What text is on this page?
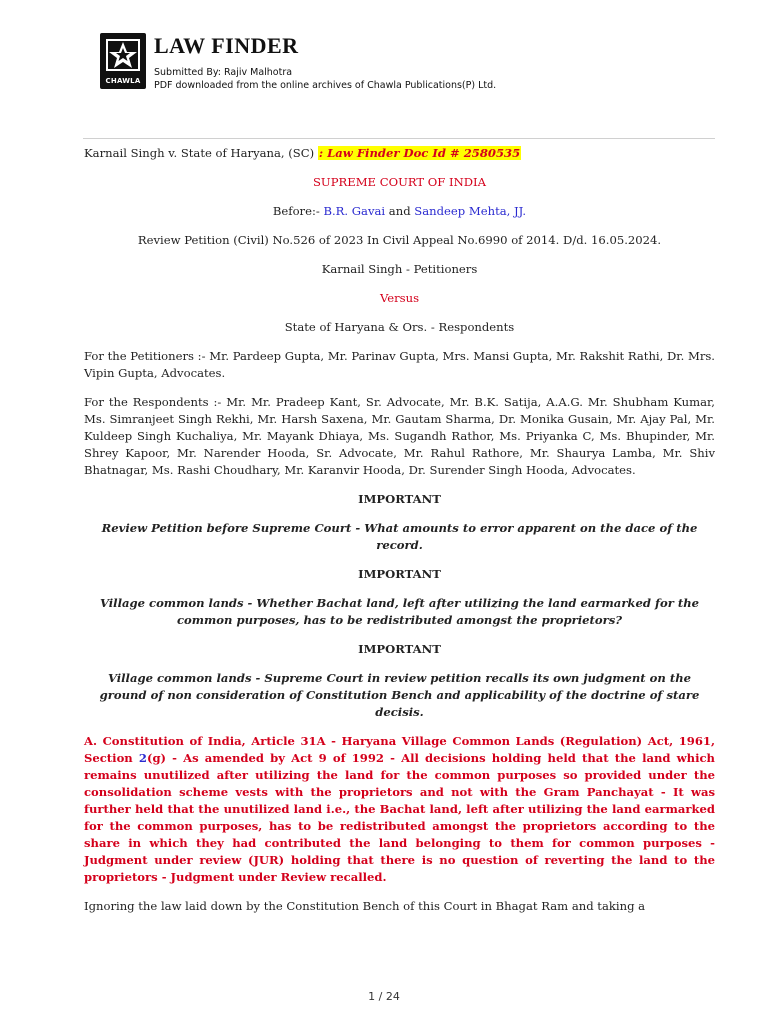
CHAWLA
LAW FINDER
Submitted By: Rajiv Malhotra
PDF downloaded from the online archives of Chawla Publications(P) Ltd.

Karnail Singh v. State of Haryana, (SC) : Law Finder Doc Id # 2580535

SUPREME COURT OF INDIA

Before:- B.R. Gavai and Sandeep Mehta, JJ.

Review Petition (Civil) No.526 of 2023 In Civil Appeal No.6990 of 2014. D/d. 16.05.2024.

Karnail Singh - Petitioners

Versus

State of Haryana & Ors. - Respondents

For the Petitioners :- Mr. Pardeep Gupta, Mr. Parinav Gupta, Mrs. Mansi Gupta, Mr. Rakshit Rathi, Dr. Mrs. Vipin Gupta, Advocates.

For the Respondents :- Mr. Mr. Pradeep Kant, Sr. Advocate, Mr. B.K. Satija, A.A.G. Mr. Shubham Kumar, Ms. Simranjeet Singh Rekhi, Mr. Harsh Saxena, Mr. Gautam Sharma, Dr. Monika Gusain, Mr. Ajay Pal, Mr. Kuldeep Singh Kuchaliya, Mr. Mayank Dhiaya, Ms. Sugandh Rathor, Ms. Priyanka C, Ms. Bhupinder, Mr. Shrey Kapoor, Mr. Narender Hooda, Sr. Advocate, Mr. Rahul Rathore, Mr. Shaurya Lamba, Mr. Shiv Bhatnagar, Ms. Rashi Choudhary, Mr. Karanvir Hooda, Dr. Surender Singh Hooda, Advocates.

IMPORTANT

Review Petition before Supreme Court - What amounts to error apparent on the dace of the record.

IMPORTANT

Village common lands - Whether Bachat land, left after utilizing the land earmarked for the common purposes, has to be redistributed amongst the proprietors?

IMPORTANT

Village common lands - Supreme Court in review petition recalls its own judgment on the ground of non consideration of Constitution Bench and applicability of the doctrine of stare decisis.

A. Constitution of India, Article 31A - Haryana Village Common Lands (Regulation) Act, 1961, Section 2(g) - As amended by Act 9 of 1992 - All decisions holding held that the land which remains unutilized after utilizing the land for the common purposes so provided under the consolidation scheme vests with the proprietors and not with the Gram Panchayat - It was further held that the unutilized land i.e., the Bachat land, left after utilizing the land earmarked for the common purposes, has to be redistributed amongst the proprietors according to the share in which they had contributed the land belonging to them for common purposes - Judgment under review (JUR) holding that there is no question of reverting the land to the proprietors - Judgment under Review recalled.

Ignoring the law laid down by the Constitution Bench of this Court in Bhagat Ram and taking a

1 / 24
